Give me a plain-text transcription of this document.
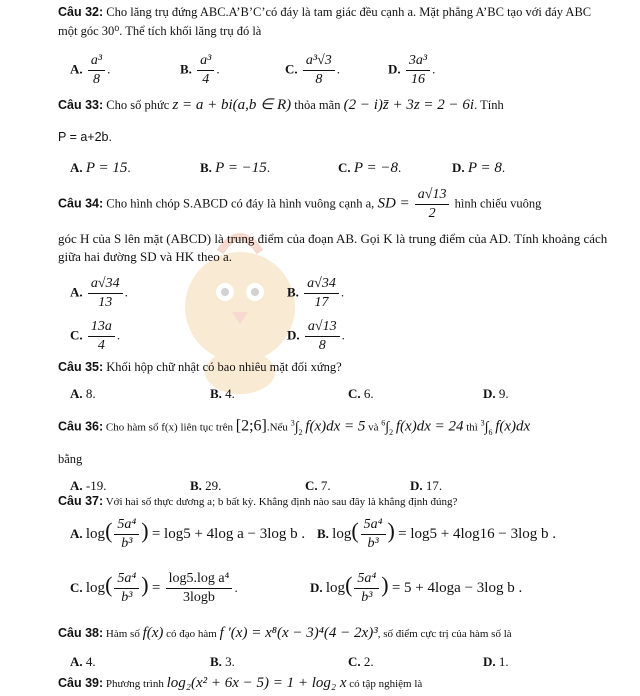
Câu 32: Cho lăng trụ đứng ABC.A’B’C’có đáy là tam giác đều cạnh a. Mặt phẳng A’BC tạo với đáy ABC
một góc 30⁰. Thể tích khối lăng trụ đó là
A. $\frac{\text{a³}}{8}$ .	B. $\frac{\text{a³}}{4}$ .	C. $\frac{\text{a³√3}}{8}$ .	D. $\frac{\text{3a³}}{16}$ .
Câu 33: Cho số phức z = a + bi(a,b ∈ R) thỏa mãn (2 − i)z̄ + 3z = 2 − 6i. Tính
P = a+2b.
A. P = 15.	B. P = −15.	C. P = −8.	D. P = 8.
Câu 34: Cho hình chóp S.ABCD có đáy là hình vuông cạnh a, SD = $\frac{a√13}{2}$ hình chiếu vuông
góc H của S lên mặt (ABCD) là trung điểm của đoạn AB. Gọi K là trung điểm của AD. Tính khoảng cách giữa hai đường SD và HK theo a.
A. $\frac{a√34}{13}$ .	B. $\frac{a√34}{17}$ .
C. $\frac{13a}{4}$ .	D. $\frac{a√13}{8}$ .
Câu 35: Khối hộp chữ nhật có bao nhiêu mặt đối xứng?
A. 8.	B. 4.	C. 6.	D. 9.
Câu 36: Cho hàm số f(x) liên tục trên [2;6].Nếu $^3\int_2$ f(x)dx = 5 và $^6\int_2$ f(x)dx = 24 thì $^3\int_6$ f(x)dx
bằng
A. -19.	B. 29.	C. 7.	D. 17.
Câu 37: Với hai số thực dương a; b bất kỳ. Khẳng định nào sau đây là khẳng định đúng?
A. $\log( \frac{\text{5a⁴}}{\text{b³}}$ ) = log5 + 4log a − 3log b . B. $\log( \frac{\text{5a⁴}}{\text{b³}}$ ) = log5 + 4log16 − 3log b .
C. $\log( \frac{\text{5a⁴}}{\text{b³}}$ ) = $\frac{\text{log5.log a⁴}}{3\log b}$ .	D. $\log( \frac{\text{5a⁴}}{\text{b³}}$ ) = 5 + 4loga − 3log b .
Câu 38: Hàm số f(x) có đạo hàm f ′(x) = x⁸(x − 3)⁴(4 − 2x)³, số điểm cực trị của hàm số là
A. 4.	B. 3.	C. 2.	D. 1.
Câu 39: Phương trình log₂(x² + 6x − 5) = 1 + log₂ x có tập nghiệm là
